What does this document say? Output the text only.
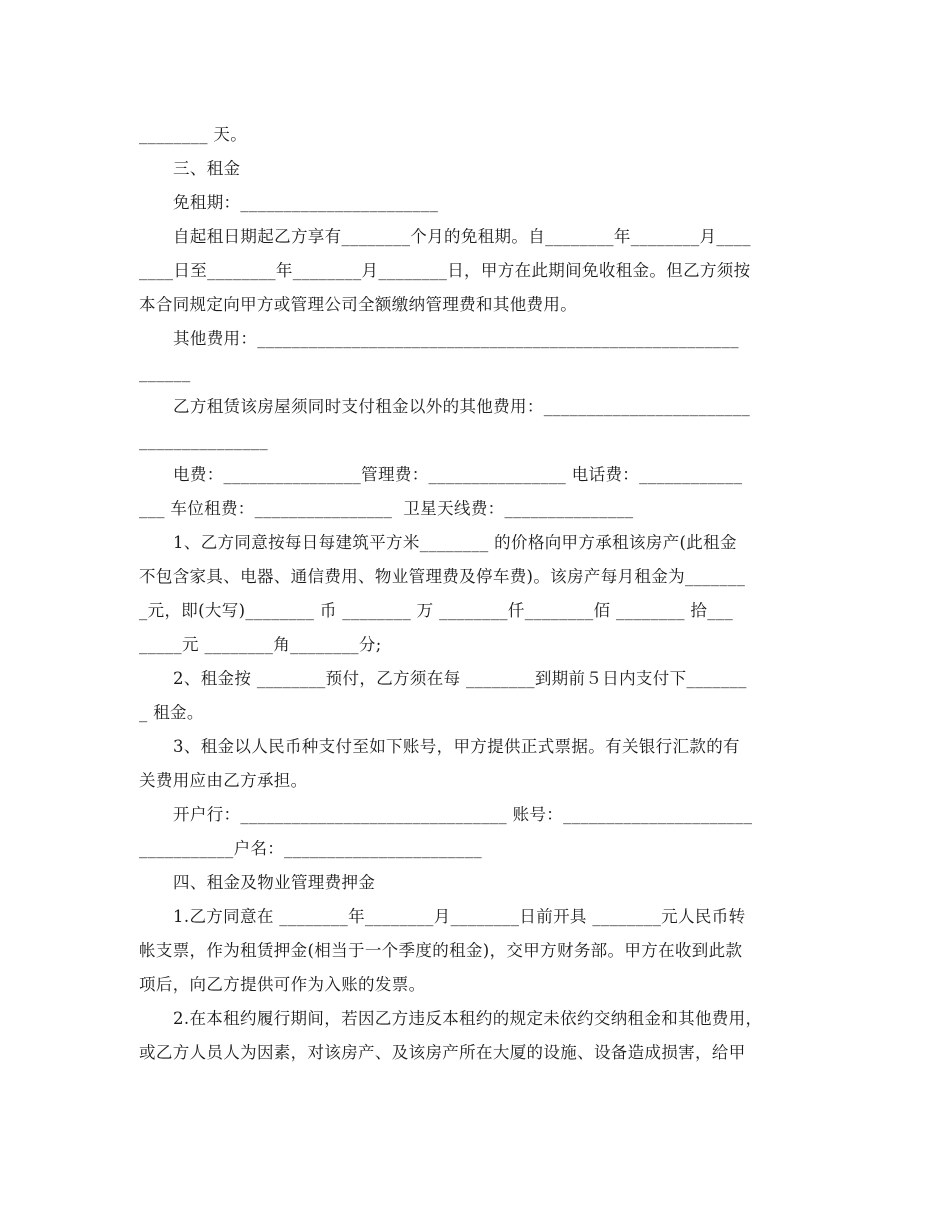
________ 天。
三、租金
免租期：_______________________
自起租日期起乙方享有________个月的免租期。自________年________月____
____日至________年________月________日，甲方在此期间免收租金。但乙方须按
本合同规定向甲方或管理公司全额缴纳管理费和其他费用。
其他费用：________________________________________________________
______
乙方租赁该房屋须同时支付租金以外的其他费用：________________________
_______________
电费：________________管理费：________________ 电话费：____________
___ 车位租费：________________  卫星天线费：_______________
1、乙方同意按每日每建筑平方米________ 的价格向甲方承租该房产(此租金
不包含家具、电器、通信费用、物业管理费及停车费)。该房产每月租金为_______
_元，即(大写)________ 币 ________ 万 ________仟________佰 ________ 拾___
_____元 ________角________分;
2、租金按 ________预付，乙方须在每 ________到期前５日内支付下_______
_ 租金。
3、租金以人民币种支付至如下账号，甲方提供正式票据。有关银行汇款的有
关费用应由乙方承担。
开户行：_______________________________ 账号：______________________
___________户名：_______________________
四、租金及物业管理费押金
1.乙方同意在 ________年________月________日前开具 ________元人民币转
帐支票，作为租赁押金(相当于一个季度的租金)，交甲方财务部。甲方在收到此款
项后，向乙方提供可作为入账的发票。
2.在本租约履行期间，若因乙方违反本租约的规定未依约交纳租金和其他费用，
或乙方人员人为因素，对该房产、及该房产所在大厦的设施、设备造成损害，给甲
